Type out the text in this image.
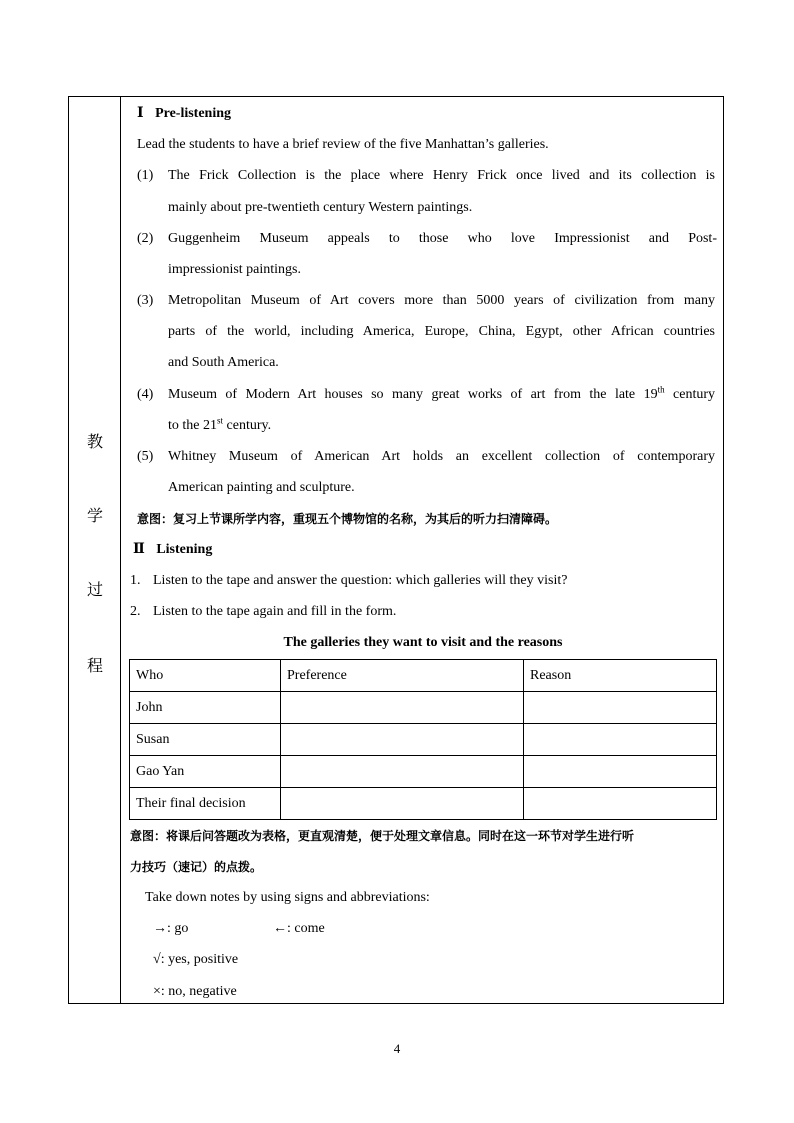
教
学
过
程
Ⅰ Pre-listening
Lead the students to have a brief review of the five Manhattan’s galleries.
(1) The Frick Collection is the place where Henry Frick once lived and its collection is
mainly about pre-twentieth century Western paintings.
(2) Guggenheim Museum appeals to those who love Impressionist and Post-
impressionist paintings.
(3) Metropolitan Museum of Art covers more than 5000 years of civilization from many
parts of the world, including America, Europe, China, Egypt, other African countries
and South America.
(4) Museum of Modern Art houses so many great works of art from the late 19th century
to the 21st century.
(5) Whitney Museum of American Art holds an excellent collection of contemporary
American painting and sculpture.
意图：复习上节课所学内容，重现五个博物馆的名称，为其后的听力扫清障碍。
Ⅱ Listening
1. Listen to the tape and answer the question: which galleries will they visit?
2. Listen to the tape again and fill in the form.
The galleries they want to visit and the reasons
Who	Preference	Reason
John		
Susan		
Gao Yan		
Their final decision		
意图：将课后问答题改为表格，更直观清楚，便于处理文章信息。同时在这一环节对学生进行听
力技巧（速记）的点拨。
Take down notes by using signs and abbreviations:
→: go	←: come
√: yes, positive
×: no, negative
4
